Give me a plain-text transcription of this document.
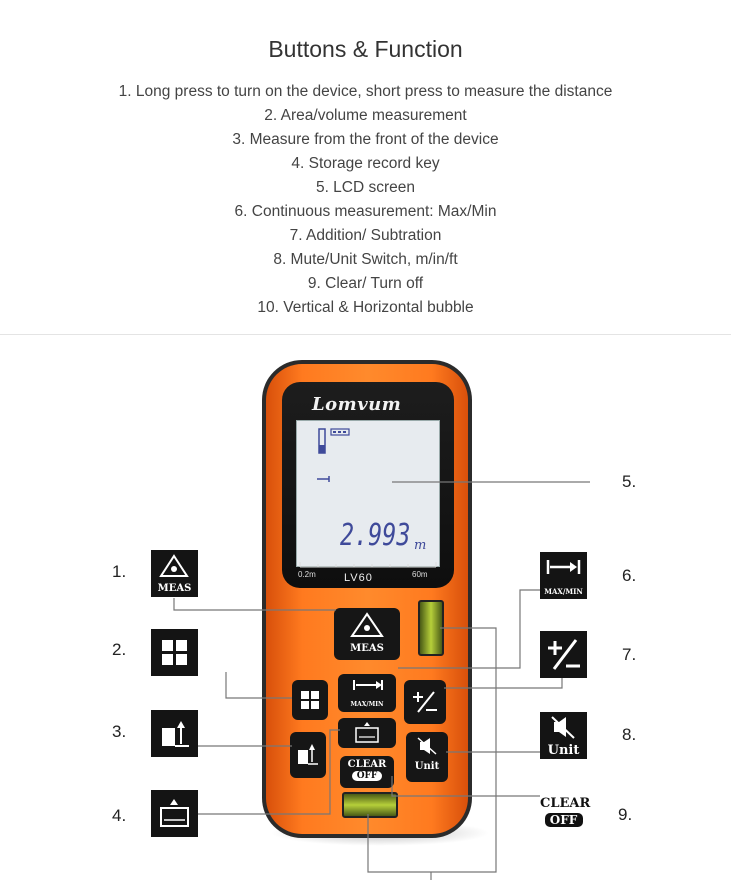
Buttons & Function
1. Long press to turn on the device, short press to measure the distance
2. Area/volume measurement
3. Measure from the front of the device
4. Storage record key
5. LCD screen
6. Continuous measurement: Max/Min
7. Addition/ Subtration
8. Mute/Unit Switch, m/in/ft
9. Clear/ Turn off
10. Vertical & Horizontal bubble
Lomvum
2.993 m
0.2m	60m
LV60
MEAS
MAX/MIN
Unit
CLEAR
OFF
MEAS	MAX/MIN
Unit
CLEAR
OFF
1.
2.
3.
4.
5.
6.
7.
8.
9.
